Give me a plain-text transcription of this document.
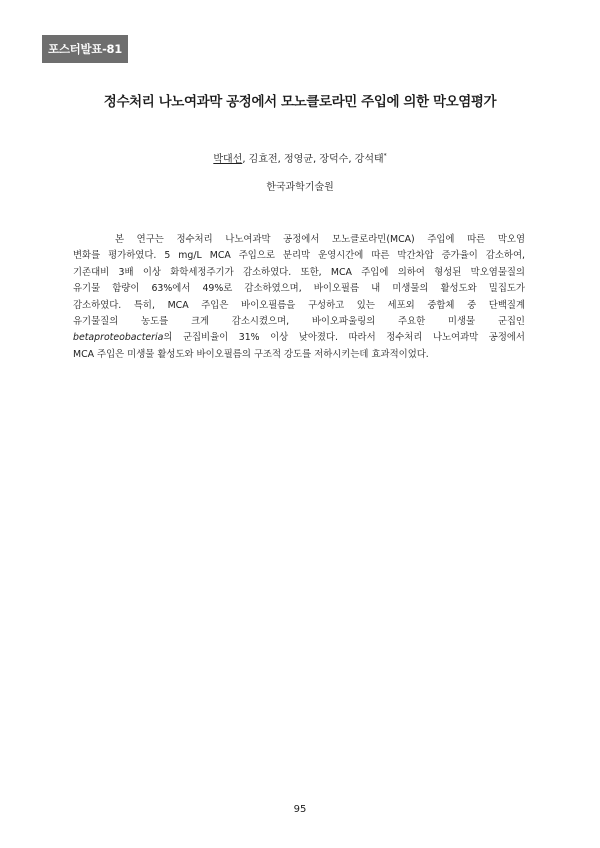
포스터발표-81
정수처리 나노여과막 공정에서 모노클로라민 주입에 의한 막오염평가
박대선, 김효전, 정영균, 장덕수, 강석태*
한국과학기술원
본 연구는 정수처리 나노여과막 공정에서 모노클로라민(MCA) 주입에 따른 막오염
변화를 평가하였다. 5 mg/L MCA 주입으로 분리막 운영시간에 따른 막간차압 증가율이 감소하여,
기존대비 3배 이상 화학세정주기가 감소하였다. 또한, MCA 주입에 의하여 형성된 막오염물질의
유기물 함량이 63%에서 49%로 감소하였으며, 바이오필름 내 미생물의 활성도와 밀집도가
감소하였다. 특히, MCA 주입은 바이오필름을 구성하고 있는 세포외 중합체 중 단백질계
유기물질의 농도를 크게 감소시켰으며, 바이오파울링의 주요한 미생물 군집인
betaproteobacteria의 군집비율이 31% 이상 낮아졌다. 따라서 정수처리 나노여과막 공정에서
MCA 주입은 미생물 활성도와 바이오필름의 구조적 강도를 저하시키는데 효과적이었다.
95
